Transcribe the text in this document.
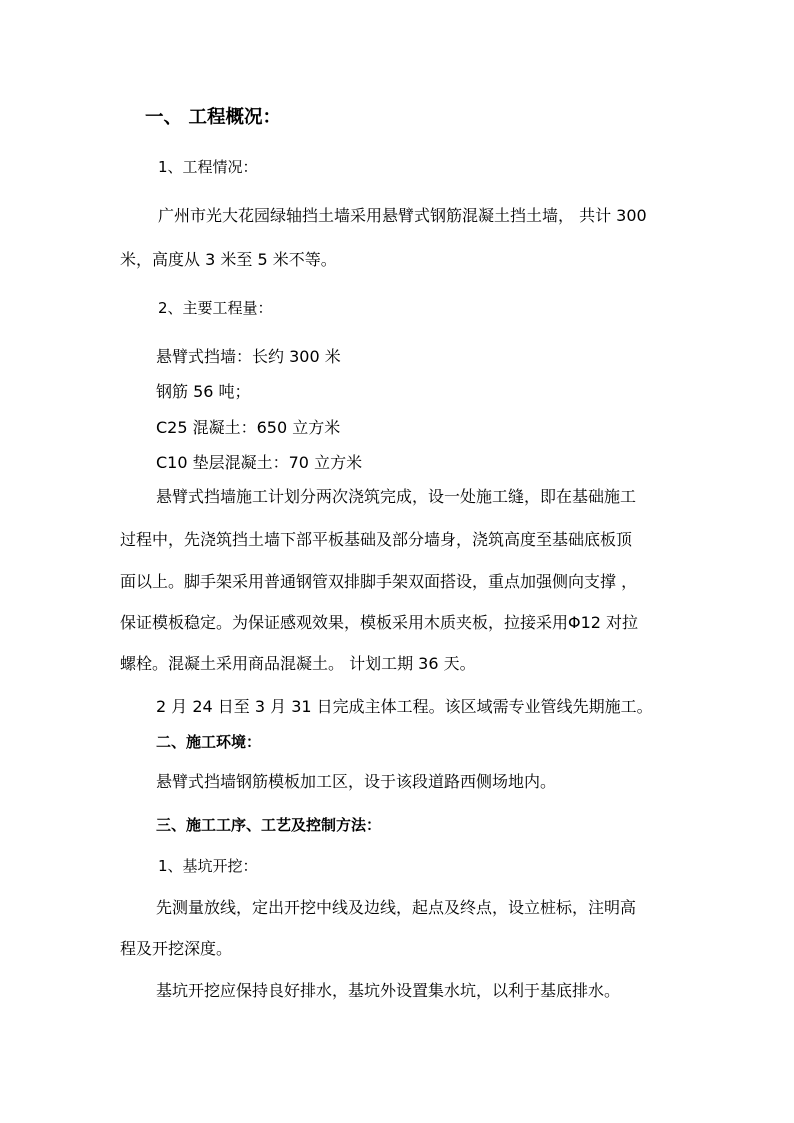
一、 工程概况：
1、工程情况：
广州市光大花园绿轴挡土墙采用悬臂式钢筋混凝土挡土墙， 共计 300
米，高度从 3 米至 5 米不等。
2、主要工程量：
悬臂式挡墙：长约 300 米
钢筋 56 吨；
C25 混凝土：650 立方米
C10 垫层混凝土：70 立方米
悬臂式挡墙施工计划分两次浇筑完成，设一处施工缝，即在基础施工
过程中，先浇筑挡土墙下部平板基础及部分墙身，浇筑高度至基础底板顶
面以上。脚手架采用普通钢管双排脚手架双面搭设，重点加强侧向支撑 ，
保证模板稳定。为保证感观效果，模板采用木质夹板，拉接采用Φ12 对拉
螺栓。混凝土采用商品混凝土。 计划工期 36 天。
2 月 24 日至 3 月 31 日完成主体工程。该区域需专业管线先期施工。
二、施工环境：
悬臂式挡墙钢筋模板加工区，设于该段道路西侧场地内。
三、施工工序、工艺及控制方法：
1、基坑开挖：
先测量放线，定出开挖中线及边线，起点及终点，设立桩标，注明高
程及开挖深度。
基坑开挖应保持良好排水，基坑外设置集水坑，以利于基底排水。
